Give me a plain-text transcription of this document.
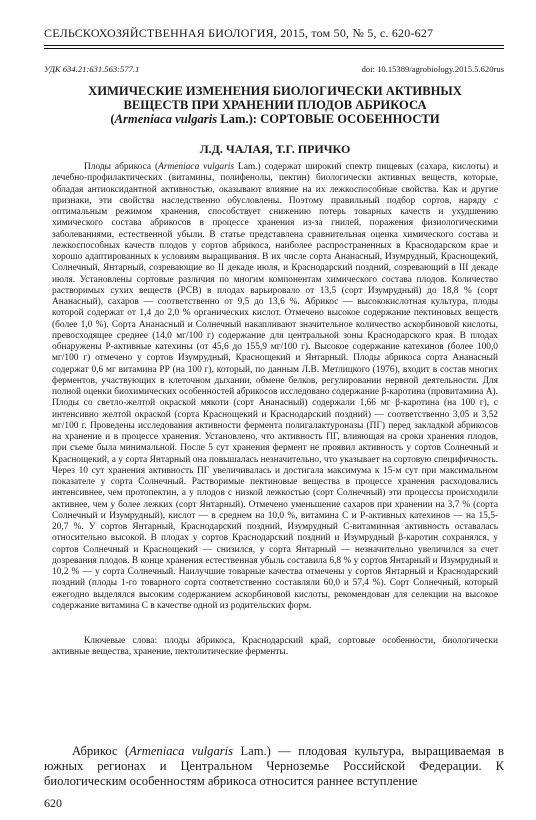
СЕЛЬСКОХОЗЯЙСТВЕННАЯ БИОЛОГИЯ, 2015, том 50, № 5, с. 620-627
УДК 634.21:631.563:577.1	doi: 10.15389/agrobiology.2015.5.620rus
ХИМИЧЕСКИЕ ИЗМЕНЕНИЯ БИОЛОГИЧЕСКИ АКТИВНЫХ
ВЕЩЕСТВ ПРИ ХРАНЕНИИ ПЛОДОВ АБРИКОСА
(Armeniaca vulgaris Lam.): СОРТОВЫЕ ОСОБЕННОСТИ
Л.Д. ЧАЛАЯ, Т.Г. ПРИЧКО

Плоды абрикоса (Armeniaca vulgaris Lam.) содержат широкий спектр пищевых (сахара, кислоты) и лечебно-профилактических (витамины, полифенолы, пектин) биологически активных веществ, которые, обладая антиоксидантной активностью, оказывают влияние на их лежкоспособные свойства. Как и другие признаки, эти свойства наследственно обусловлены. Поэтому правильный подбор сортов, наряду с оптимальным режимом хранения, способствует снижению потерь товарных качеств и ухудшению химического состава абрикосов в процессе хранения из-за гнилей, поражения физиологическими заболеваниями, естественной убыли. В статье представлена сравнительная оценка химического состава и лежкоспособных качеств плодов у сортов абрикоса, наиболее распространенных в Краснодарском крае и хорошо адаптированных к условиям выращивания. В их числе сорта Ананасный, Изумрудный, Краснощекий, Солнечный, Янтарный, созревающие во II декаде июля, и Краснодарский поздний, созревающий в III декаде июля. Установлены сортовые различия по многим компонентам химического состава плодов. Количество растворимых сухих веществ (РСВ) в плодах варьировало от 13,5 (сорт Изумрудный) до 18,8 % (сорт Ананасный), сахаров — соответственно от 9,5 до 13,6 %. Абрикос — высококислотная культура, плоды которой содержат от 1,4 до 2,0 % органических кислот. Отмечено высокое содержание пектиновых веществ (более 1,0 %). Сорта Ананасный и Солнечный накапливают значительное количество аскорбиновой кислоты, превосходящее среднее (14,0 мг/100 г) содержание для центральной зоны Краснодарского края. В плодах обнаружены Р-активные катехины (от 45,6 до 155,9 мг/100 г). Высокое содержание катехинов (более 100,0 мг/100 г) отмечено у сортов Изумрудный, Краснощекий и Янтарный. Плоды абрикоса сорта Ананасный содержат 0,6 мг витамина РР (на 100 г), который, по данным Л.В. Метлицкого (1976), входит в состав многих ферментов, участвующих в клеточном дыхании, обмене белков, регулировании нервной деятельности. Для полной оценки биохимических особенностей абрикосов исследовано содержание β-каротина (провитамина А). Плоды со светло-желтой окраской мякоти (сорт Ананасный) содержали 1,66 мг β-каротина (на 100 г), с интенсивно желтой окраской (сорта Краснощекий и Краснодарский поздний) — соответственно 3,05 и 3,52 мг/100 г. Проведены исследования активности фермента полигалактуроназы (ПГ) перед закладкой абрикосов на хранение и в процессе хранения. Установлено, что активность ПГ, влияющая на сроки хранения плодов, при съеме была минимальной. После 5 сут хранения фермент не проявил активность у сортов Солнечный и Краснощекий, а у сорта Янтарный она повышалась незначительно, что указывает на сортовую специфичность. Через 10 сут хранения активность ПГ увеличивалась и достигала максимума к 15-м сут при максимальном показателе у сорта Солнечный. Растворимые пектиновые вещества в процессе хранения расходовались интенсивнее, чем протопектин, а у плодов с низкой лежкостью (сорт Солнечный) эти процессы происходили активнее, чем у более лежких (сорт Янтарный). Отмечено уменьшение сахаров при хранении на 3,7 % (сорта Солнечный и Изумрудный), кислот — в среднем на 10,0 %, витамина С и Р-активных катехинов — на 15,5-20,7 %. У сортов Янтарный, Краснодарский поздний, Изумрудный С-витаминная активность оставалась относительно высокой. В плодах у сортов Краснодарский поздний и Изумрудный β-каротин сохранялся, у сортов Солнечный и Краснощекий — снизился, у сорта Янтарный — незначительно увеличился за счет дозревания плодов. В конце хранения естественная убыль составила 6,8 % у сортов Янтарный и Изумрудный и 10,2 % — у сорта Солнечный. Наилучшие товарные качества отмечены у сортов Янтарный и Краснодарский поздний (плоды 1-го товарного сорта соответственно составляли 60,0 и 57,4 %). Сорт Солнечный, который ежегодно выделялся высоким содержанием аскорбиновой кислоты, рекомендован для селекции на высокое содержание витамина С в качестве одной из родительских форм.

Ключевые слова: плоды абрикоса, Краснодарский край, сортовые особенности, биологически активные вещества, хранение, пектолитические ферменты.

Абрикос (Armeniaca vulgaris Lam.) — плодовая культура, выращиваемая в южных регионах и Центральном Черноземье Российской Федерации. К биологическим особенностям абрикоса относится раннее вступление

620
